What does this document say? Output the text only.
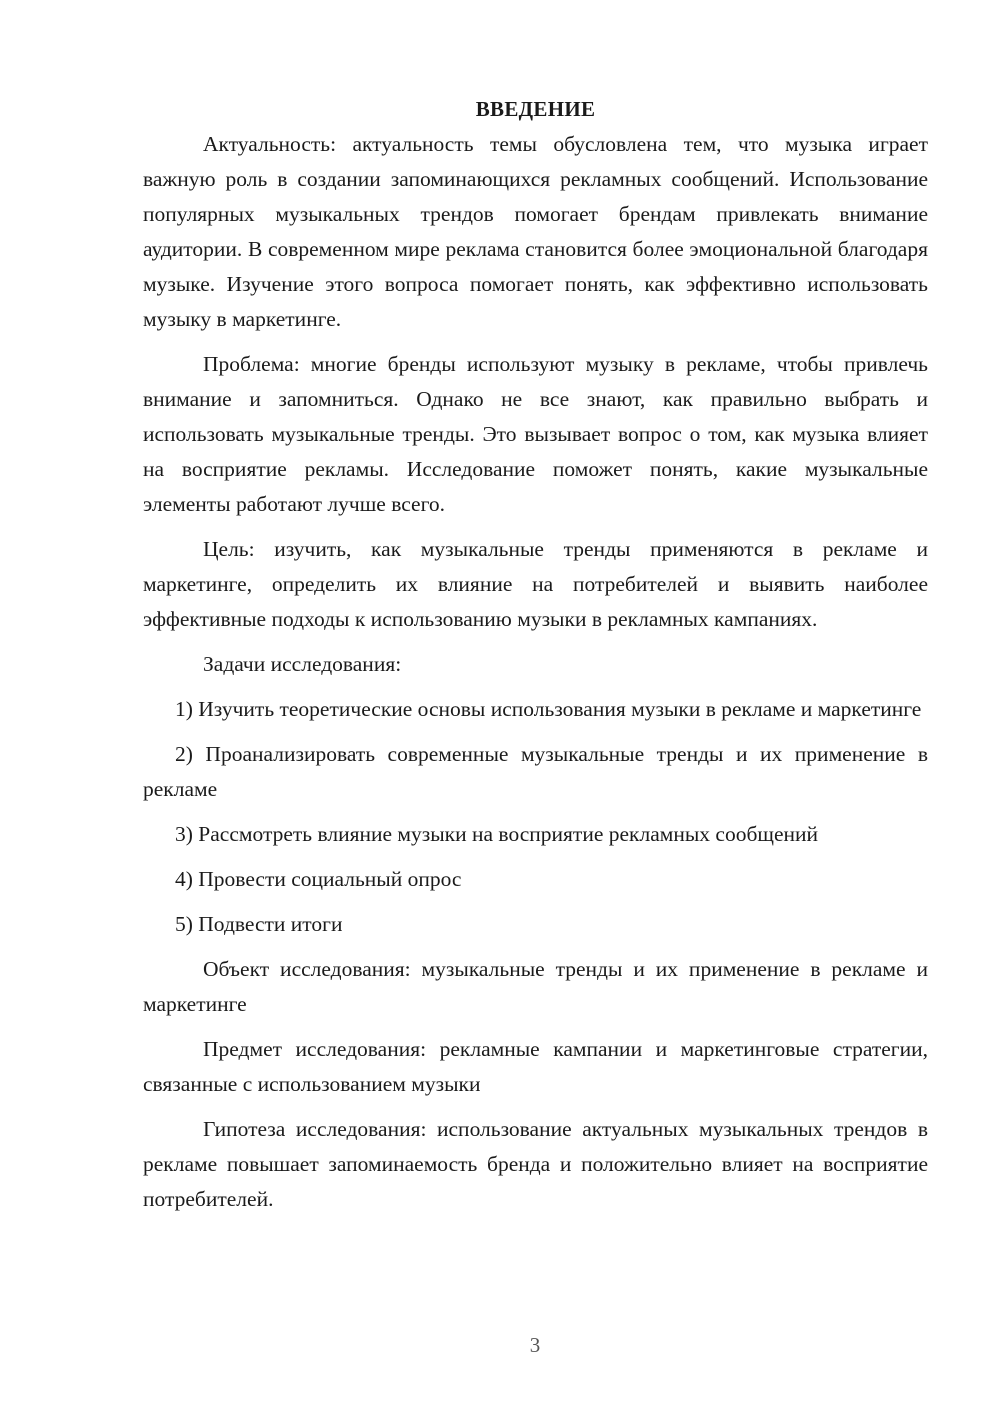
ВВЕДЕНИЕ

Актуальность: актуальность темы обусловлена тем, что музыка играет важную роль в создании запоминающихся рекламных сообщений. Использование популярных музыкальных трендов помогает брендам привлекать внимание аудитории. В современном мире реклама становится более эмоциональной благодаря музыке. Изучение этого вопроса помогает понять, как эффективно использовать музыку в маркетинге.

Проблема: многие бренды используют музыку в рекламе, чтобы привлечь внимание и запомниться. Однако не все знают, как правильно выбрать и использовать музыкальные тренды. Это вызывает вопрос о том, как музыка влияет на восприятие рекламы. Исследование поможет понять, какие музыкальные элементы работают лучше всего.

Цель: изучить, как музыкальные тренды применяются в рекламе и маркетинге, определить их влияние на потребителей и выявить наиболее эффективные подходы к использованию музыки в рекламных кампаниях.

Задачи исследования:

1) Изучить теоретические основы использования музыки в рекламе и маркетинге

2) Проанализировать современные музыкальные тренды и их применение в рекламе

3) Рассмотреть влияние музыки на восприятие рекламных сообщений

4) Провести социальный опрос

5) Подвести итоги

Объект исследования: музыкальные тренды и их применение в рекламе и маркетинге

Предмет исследования: рекламные кампании и маркетинговые стратегии, связанные с использованием музыки

Гипотеза исследования: использование актуальных музыкальных трендов в рекламе повышает запоминаемость бренда и положительно влияет на восприятие потребителей.

3
